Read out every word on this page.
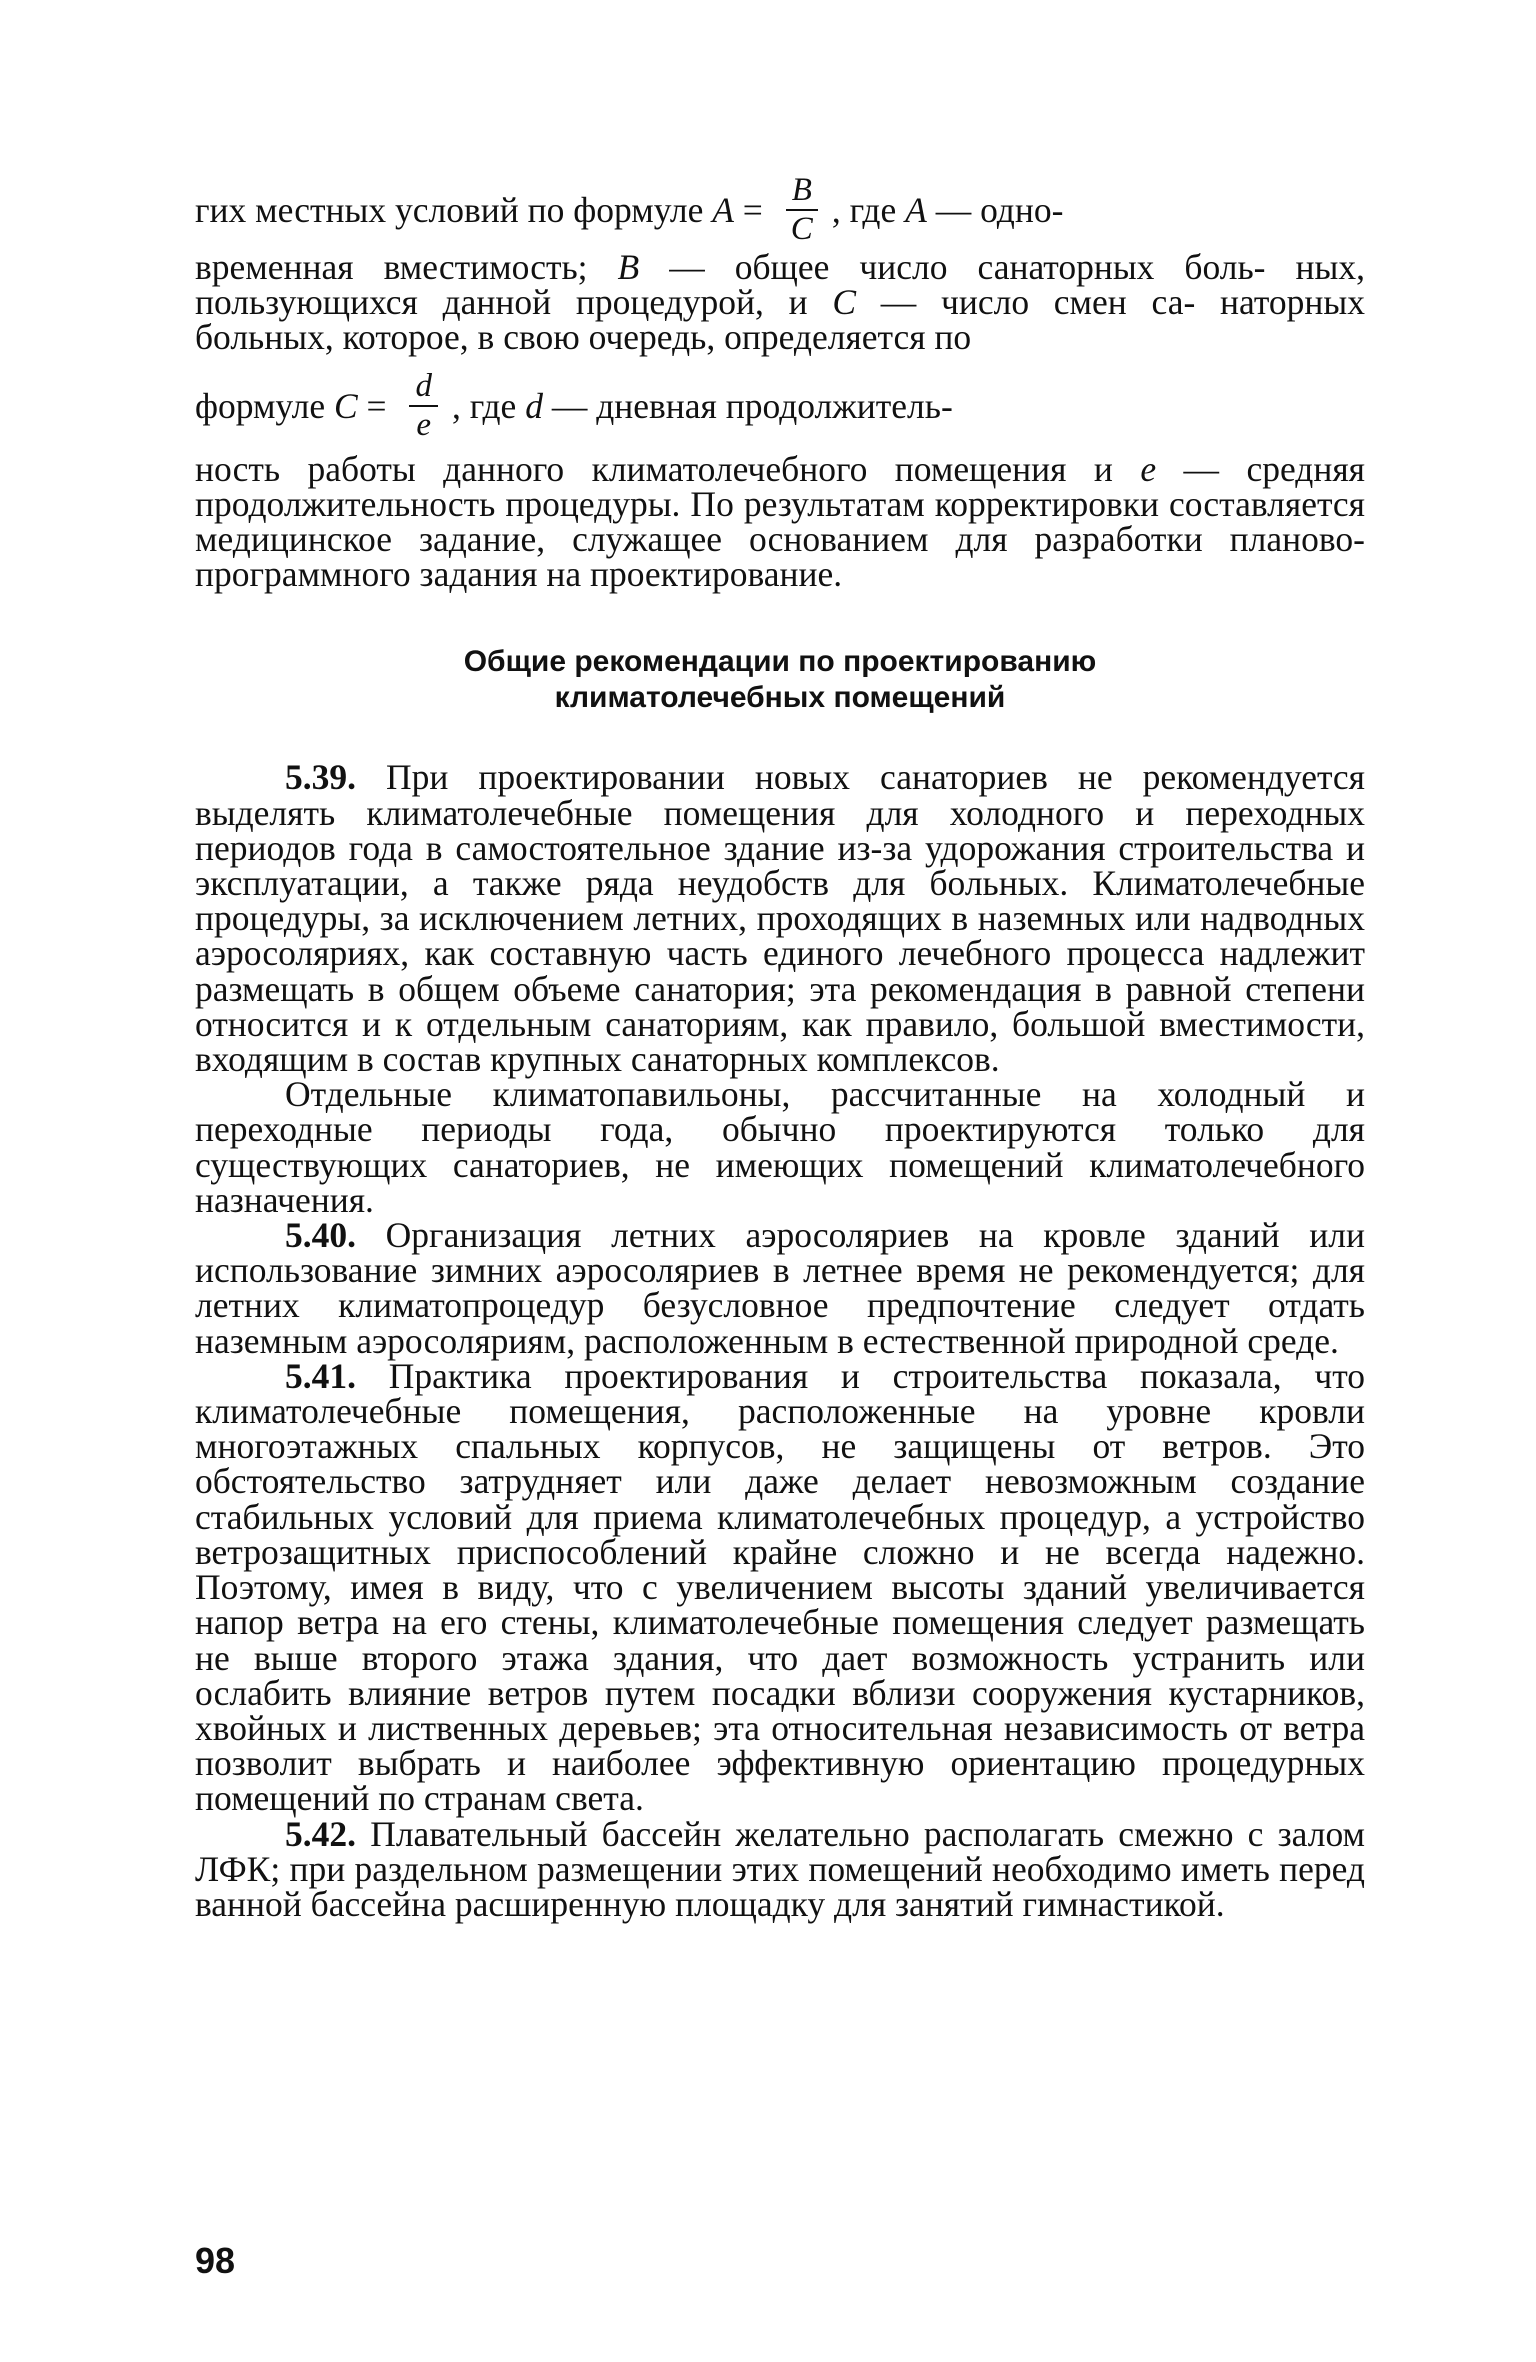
гих местных условий по формуле $A = \frac{B}{C}$ , где A — одно-

временная вместимость; B — общее число санаторных боль- ных, пользующихся данной процедурой, и C — число смен са- наторных больных, которое, в свою очередь, определяется по

формуле $C = \frac{d}{e}$ , где d — дневная продолжитель-

ность работы данного климатолечебного помещения и e — средняя продолжительность процедуры. По результатам корректировки составляется медицинское задание, служащее основанием для разработки планово-программного задания на проектирование.

Общие рекомендации по проектированию
климатолечебных помещений

5.39. При проектировании новых санаториев не рекомендуется выделять климатолечебные помещения для холодного и переходных периодов года в самостоятельное здание из-за удорожания строительства и эксплуатации, а также ряда неудобств для больных. Климатолечебные процедуры, за исключением летних, проходящих в наземных или надводных аэросоляриях, как составную часть единого лечебного процесса надлежит размещать в общем объеме санатория; эта рекомендация в равной степени относится и к отдельным санаториям, как правило, большой вместимости, входящим в состав крупных санаторных комплексов.

Отдельные климатопавильоны, рассчитанные на холодный и переходные периоды года, обычно проектируются только для существующих санаториев, не имеющих помещений климатолечебного назначения.

5.40. Организация летних аэросоляриев на кровле зданий или использование зимних аэросоляриев в летнее время не рекомендуется; для летних климатопроцедур безусловное предпочтение следует отдать наземным аэросоляриям, расположенным в естественной природной среде.

5.41. Практика проектирования и строительства показала, что климатолечебные помещения, расположенные на уровне кровли многоэтажных спальных корпусов, не защищены от ветров. Это обстоятельство затрудняет или даже делает невозможным создание стабильных условий для приема климатолечебных процедур, а устройство ветрозащитных приспособлений крайне сложно и не всегда надежно. Поэтому, имея в виду, что с увеличением высоты зданий увеличивается напор ветра на его стены, климатолечебные помещения следует размещать не выше второго этажа здания, что дает возможность устранить или ослабить влияние ветров путем посадки вблизи сооружения кустарников, хвойных и лиственных деревьев; эта относительная независимость от ветра позволит выбрать и наиболее эффективную ориентацию процедурных помещений по странам света.

5.42. Плавательный бассейн желательно располагать смежно с залом ЛФК; при раздельном размещении этих помещений необходимо иметь перед ванной бассейна расширенную площадку для занятий гимнастикой.

98
